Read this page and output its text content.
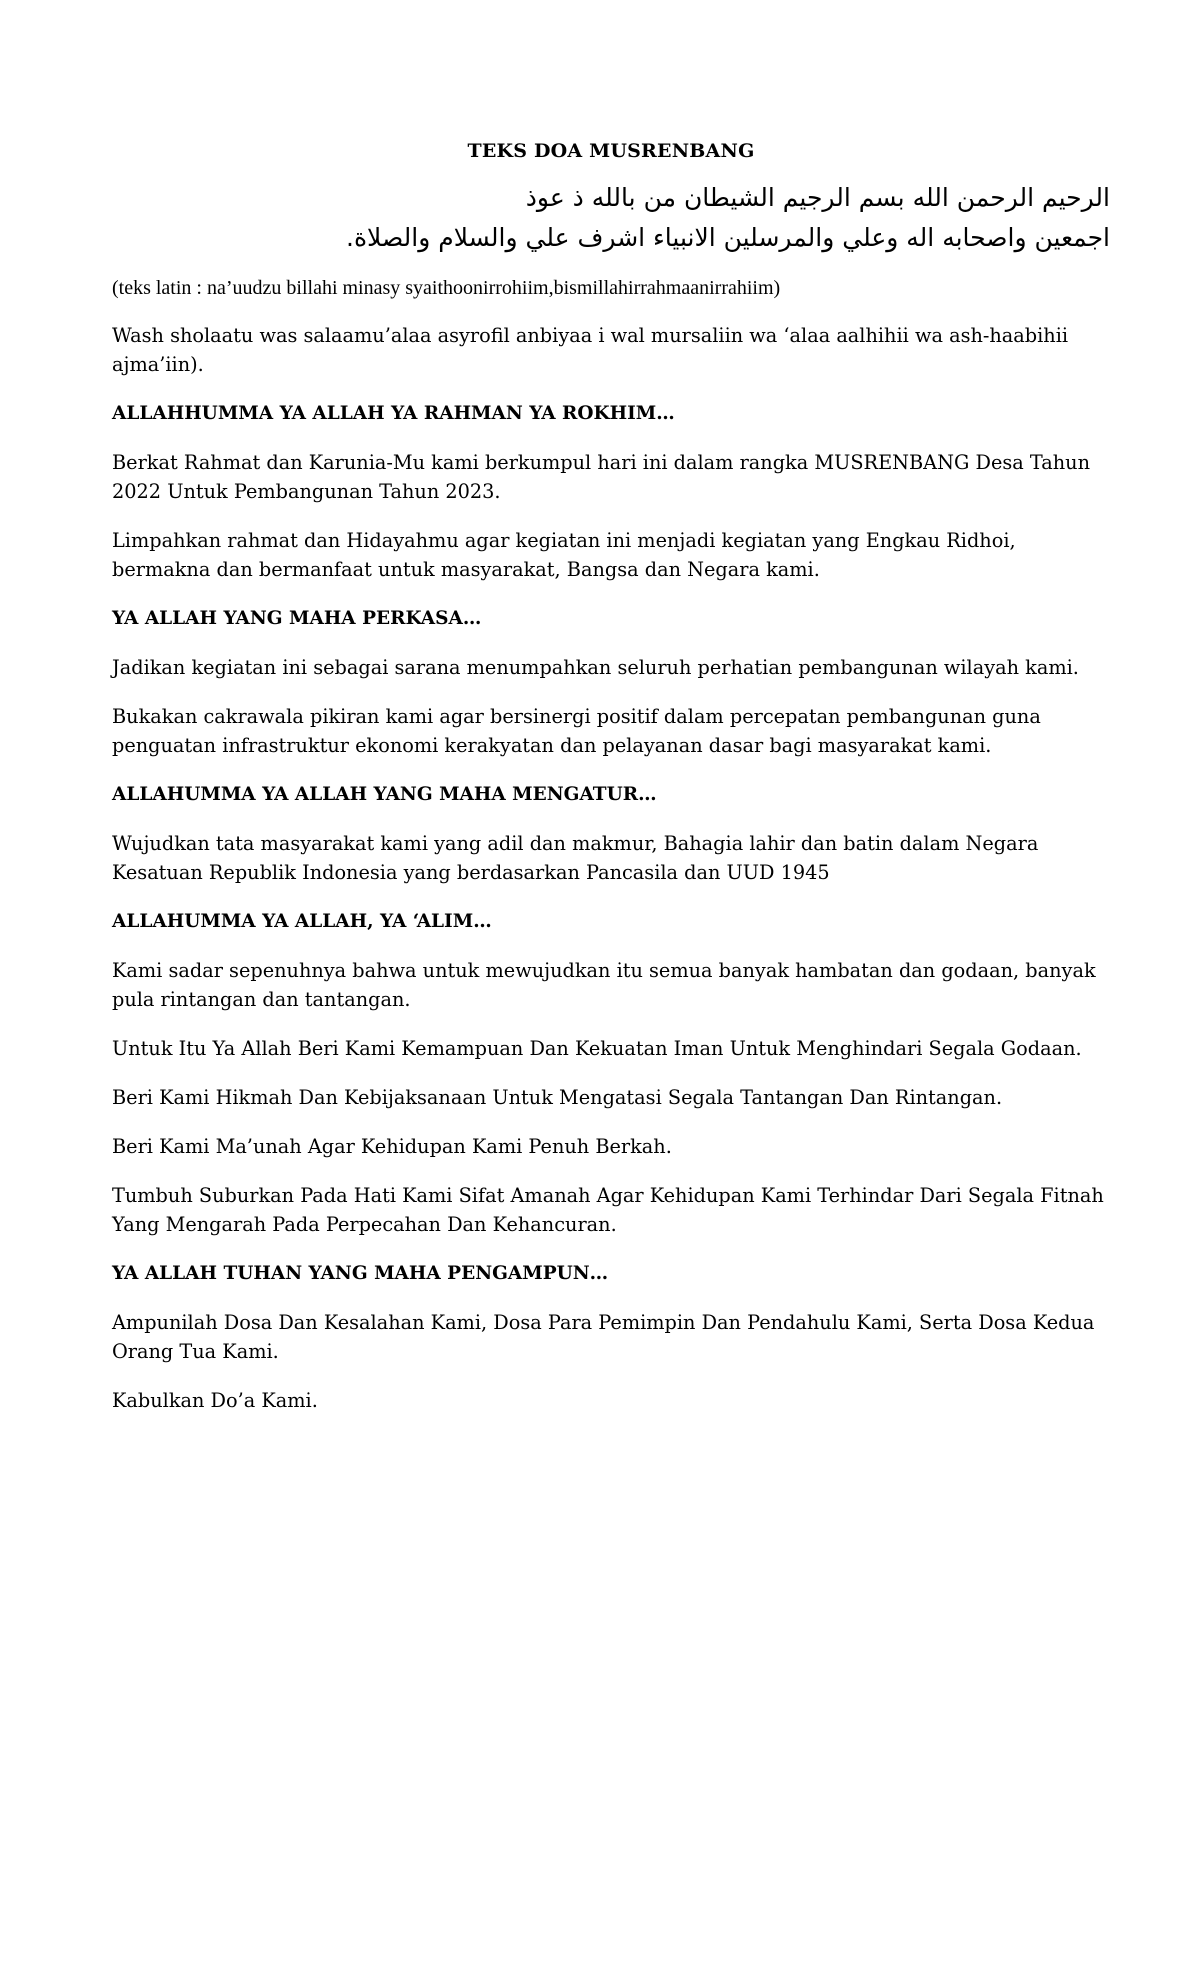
TEKS DOA MUSRENBANG
الرحيم الرحمن الله بسم الرجيم الشيطان من بالله ذ عوذ
اجمعين واصحابه اله وعلي والمرسلين الانبياء اشرف علي والسلام والصلاة.

(teks latin : na’uudzu billahi minasy syaithoonirrohiim,bismillahirrahmaanirrahiim)

Wash sholaatu was salaamu’alaa asyrofil anbiyaa i wal mursaliin wa ‘alaa aalhihii wa ash-haabihii ajma’iin).

ALLAHHUMMA YA ALLAH YA RAHMAN YA ROKHIM…

Berkat Rahmat dan Karunia-Mu kami berkumpul hari ini dalam rangka MUSRENBANG Desa Tahun 2022 Untuk Pembangunan Tahun 2023.

Limpahkan rahmat dan Hidayahmu agar kegiatan ini menjadi kegiatan yang Engkau Ridhoi, bermakna dan bermanfaat untuk masyarakat, Bangsa dan Negara kami.

YA ALLAH YANG MAHA PERKASA…

Jadikan kegiatan ini sebagai sarana menumpahkan seluruh perhatian pembangunan wilayah kami.

Bukakan cakrawala pikiran kami agar bersinergi positif dalam percepatan pembangunan guna penguatan infrastruktur ekonomi kerakyatan dan pelayanan dasar bagi masyarakat kami.

ALLAHUMMA YA ALLAH YANG MAHA MENGATUR…

Wujudkan tata masyarakat kami yang adil dan makmur, Bahagia lahir dan batin dalam Negara Kesatuan Republik Indonesia yang berdasarkan Pancasila dan UUD 1945

ALLAHUMMA YA ALLAH, YA ‘ALIM…

Kami sadar sepenuhnya bahwa untuk mewujudkan itu semua banyak hambatan dan godaan, banyak pula rintangan dan tantangan.

Untuk Itu Ya Allah Beri Kami Kemampuan Dan Kekuatan Iman Untuk Menghindari Segala Godaan.

Beri Kami Hikmah Dan Kebijaksanaan Untuk Mengatasi Segala Tantangan Dan Rintangan.

Beri Kami Ma’unah Agar Kehidupan Kami Penuh Berkah.

Tumbuh Suburkan Pada Hati Kami Sifat Amanah Agar Kehidupan Kami Terhindar Dari Segala Fitnah Yang Mengarah Pada Perpecahan Dan Kehancuran.

YA ALLAH TUHAN YANG MAHA PENGAMPUN…

Ampunilah Dosa Dan Kesalahan Kami, Dosa Para Pemimpin Dan Pendahulu Kami, Serta Dosa Kedua Orang Tua Kami.

Kabulkan Do’a Kami.
